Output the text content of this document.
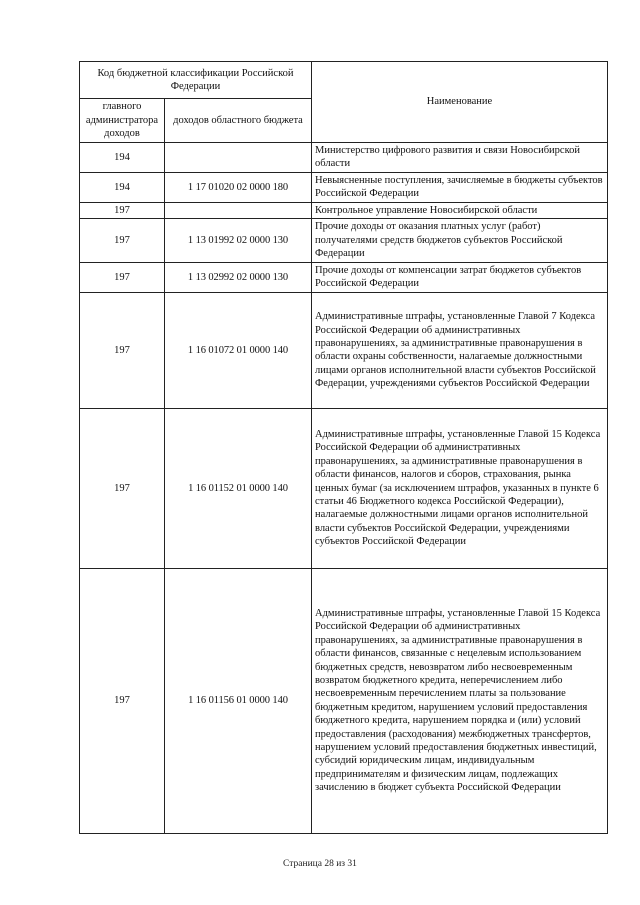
Код бюджетной классификации Российской Федерации		Наименование
главного администратора доходов	доходов областного бюджета	
194		Министерство цифрового развития и связи Новосибирской области
194	1 17 01020 02 0000 180	Невыясненные поступления, зачисляемые в бюджеты субъектов Российской Федерации
197		Контрольное управление Новосибирской области
197	1 13 01992 02 0000 130	Прочие доходы от оказания платных услуг (работ) получателями средств бюджетов субъектов Российской Федерации
197	1 13 02992 02 0000 130	Прочие доходы от компенсации затрат бюджетов субъектов Российской Федерации
197	1 16 01072 01 0000 140	Административные штрафы, установленные Главой 7 Кодекса Российской Федерации об административных правонарушениях, за административные правонарушения в области охраны собственности, налагаемые должностными лицами органов исполнительной власти субъектов Российской Федерации, учреждениями субъектов Российской Федерации
197	1 16 01152 01 0000 140	Административные штрафы, установленные Главой 15 Кодекса Российской Федерации об административных правонарушениях, за административные правонарушения в области финансов, налогов и сборов, страхования, рынка ценных бумаг (за исключением штрафов, указанных в пункте 6 статьи 46 Бюджетного кодекса Российской Федерации), налагаемые должностными лицами органов исполнительной власти субъектов Российской Федерации, учреждениями субъектов Российской Федерации
197	1 16 01156 01 0000 140	Административные штрафы, установленные Главой 15 Кодекса Российской Федерации об административных правонарушениях, за административные правонарушения в области финансов, связанные с нецелевым использованием бюджетных средств, невозвратом либо несвоевременным возвратом бюджетного кредита, неперечислением либо несвоевременным перечислением платы за пользование бюджетным кредитом, нарушением условий предоставления бюджетного кредита, нарушением порядка и (или) условий предоставления (расходования) межбюджетных трансфертов, нарушением условий предоставления бюджетных инвестиций, субсидий юридическим лицам, индивидуальным предпринимателям и физическим лицам, подлежащих зачислению в бюджет субъекта Российской Федерации
Страница 28 из 31
